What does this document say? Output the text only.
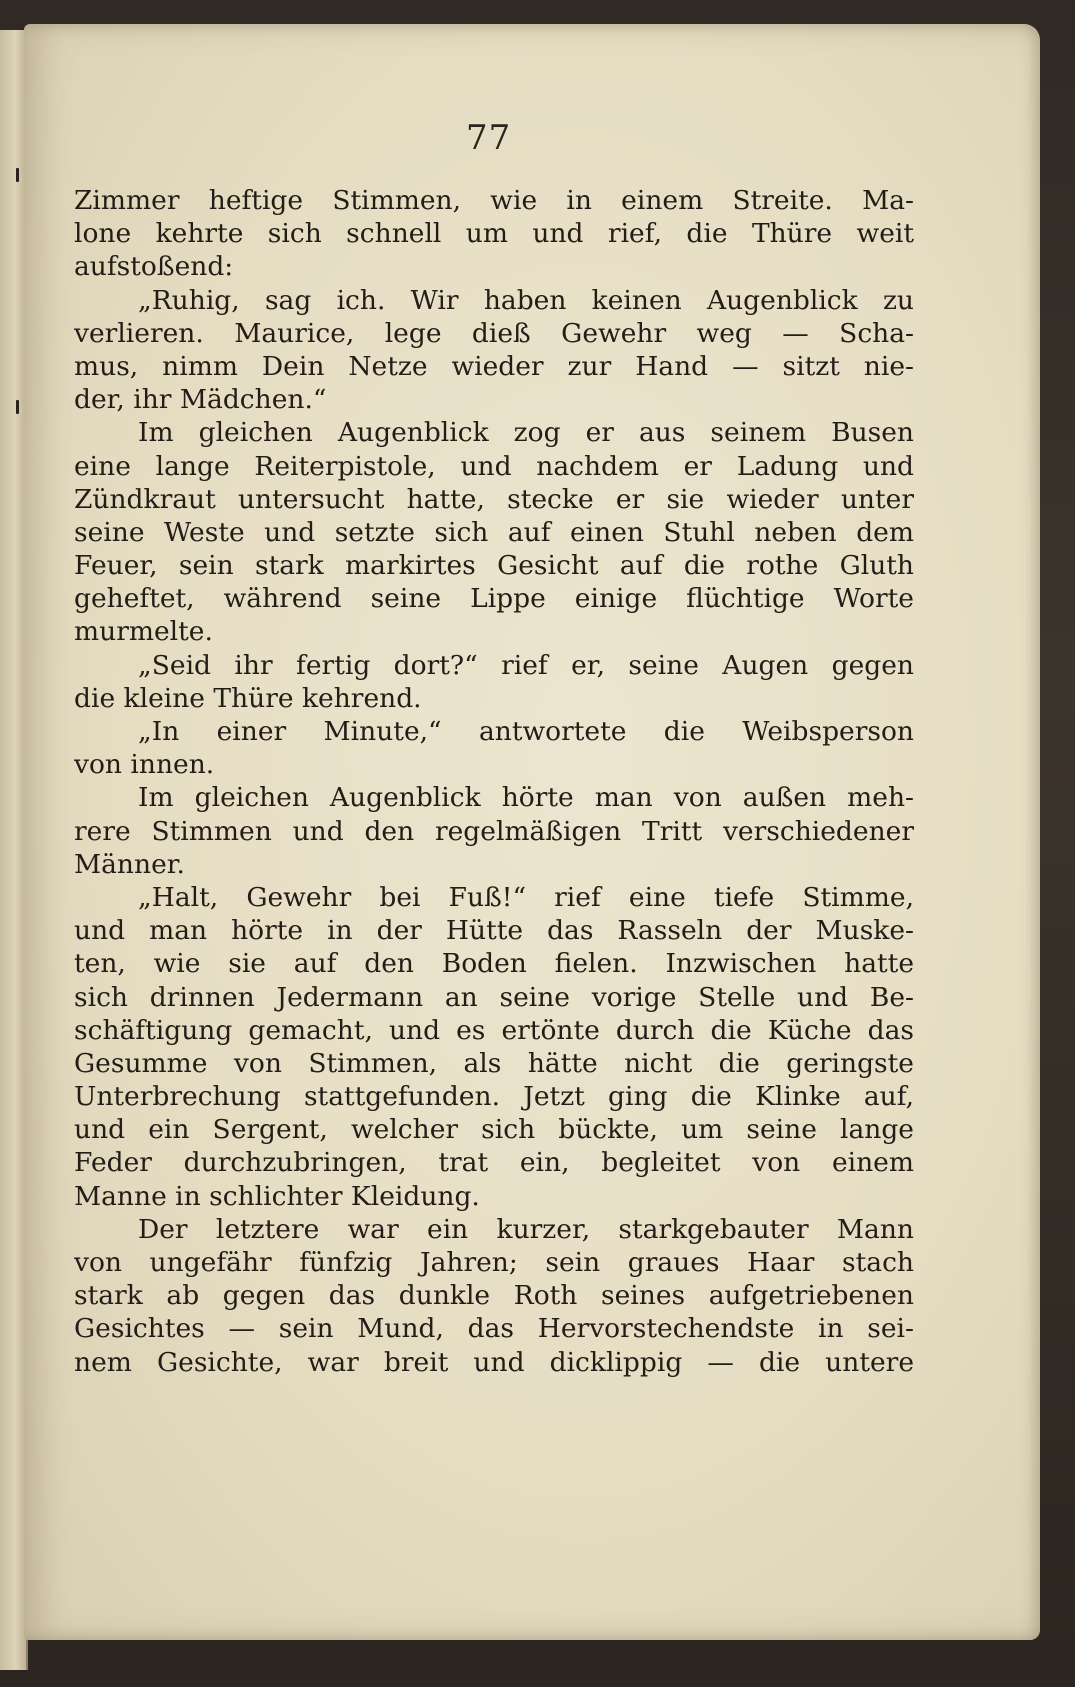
77
Zimmer heftige Stimmen, wie in einem Streite. Ma-
lone kehrte sich schnell um und rief, die Thüre weit
aufstoßend:
„Ruhig, sag ich. Wir haben keinen Augenblick zu
verlieren. Maurice, lege dieß Gewehr weg — Scha-
mus, nimm Dein Netze wieder zur Hand — sitzt nie-
der, ihr Mädchen.“
Im gleichen Augenblick zog er aus seinem Busen
eine lange Reiterpistole, und nachdem er Ladung und
Zündkraut untersucht hatte, stecke er sie wieder unter
seine Weste und setzte sich auf einen Stuhl neben dem
Feuer, sein stark markirtes Gesicht auf die rothe Gluth
geheftet, während seine Lippe einige flüchtige Worte
murmelte.
„Seid ihr fertig dort?“ rief er, seine Augen gegen
die kleine Thüre kehrend.
„In einer Minute,“ antwortete die Weibsperson
von innen.
Im gleichen Augenblick hörte man von außen meh-
rere Stimmen und den regelmäßigen Tritt verschiedener
Männer.
„Halt, Gewehr bei Fuß!“ rief eine tiefe Stimme,
und man hörte in der Hütte das Rasseln der Muske-
ten, wie sie auf den Boden fielen. Inzwischen hatte
sich drinnen Jedermann an seine vorige Stelle und Be-
schäftigung gemacht, und es ertönte durch die Küche das
Gesumme von Stimmen, als hätte nicht die geringste
Unterbrechung stattgefunden. Jetzt ging die Klinke auf,
und ein Sergent, welcher sich bückte, um seine lange
Feder durchzubringen, trat ein, begleitet von einem
Manne in schlichter Kleidung.
Der letztere war ein kurzer, starkgebauter Mann
von ungefähr fünfzig Jahren; sein graues Haar stach
stark ab gegen das dunkle Roth seines aufgetriebenen
Gesichtes — sein Mund, das Hervorstechendste in sei-
nem Gesichte, war breit und dicklippig — die untere
